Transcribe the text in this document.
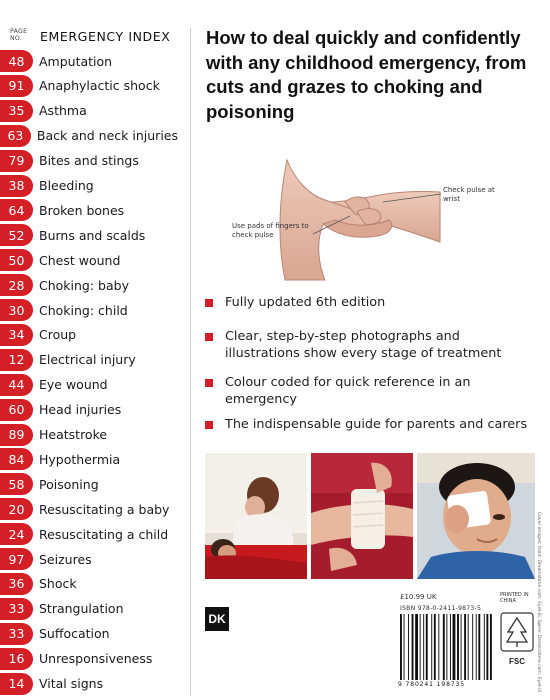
PAGE NO.	EMERGENCY INDEX
48	Amputation
91	Anaphylactic shock
35	Asthma
63	Back and neck injuries
79	Bites and stings
38	Bleeding
64	Broken bones
52	Burns and scalds
50	Chest wound
28	Choking: baby
30	Choking: child
34	Croup
12	Electrical injury
44	Eye wound
60	Head injuries
89	Heatstroke
84	Hypothermia
58	Poisoning
20	Resuscitating a baby
24	Resuscitating a child
97	Seizures
36	Shock
33	Strangulation
33	Suffocation
16	Unresponsiveness
14	Vital signs
How to deal quickly and confidently with any childhood emergency, from cuts and grazes to choking and poisoning
Check pulse at wrist
Use pads of fingers to check pulse
Fully updated 6th edition
Clear, step-by-step photographs and illustrations show every stage of treatment
Colour coded for quick reference in an emergency
The indispensable guide for parents and carers
Cover images: front: Dreamstime.com: Eyet-ili, Spine: Dreamstime.com: Eyet-ili
DK
£10.99 UK	PRINTED IN CHINA
ISBN 978-0-2411-9873-5
9 780241 198735
FSC
